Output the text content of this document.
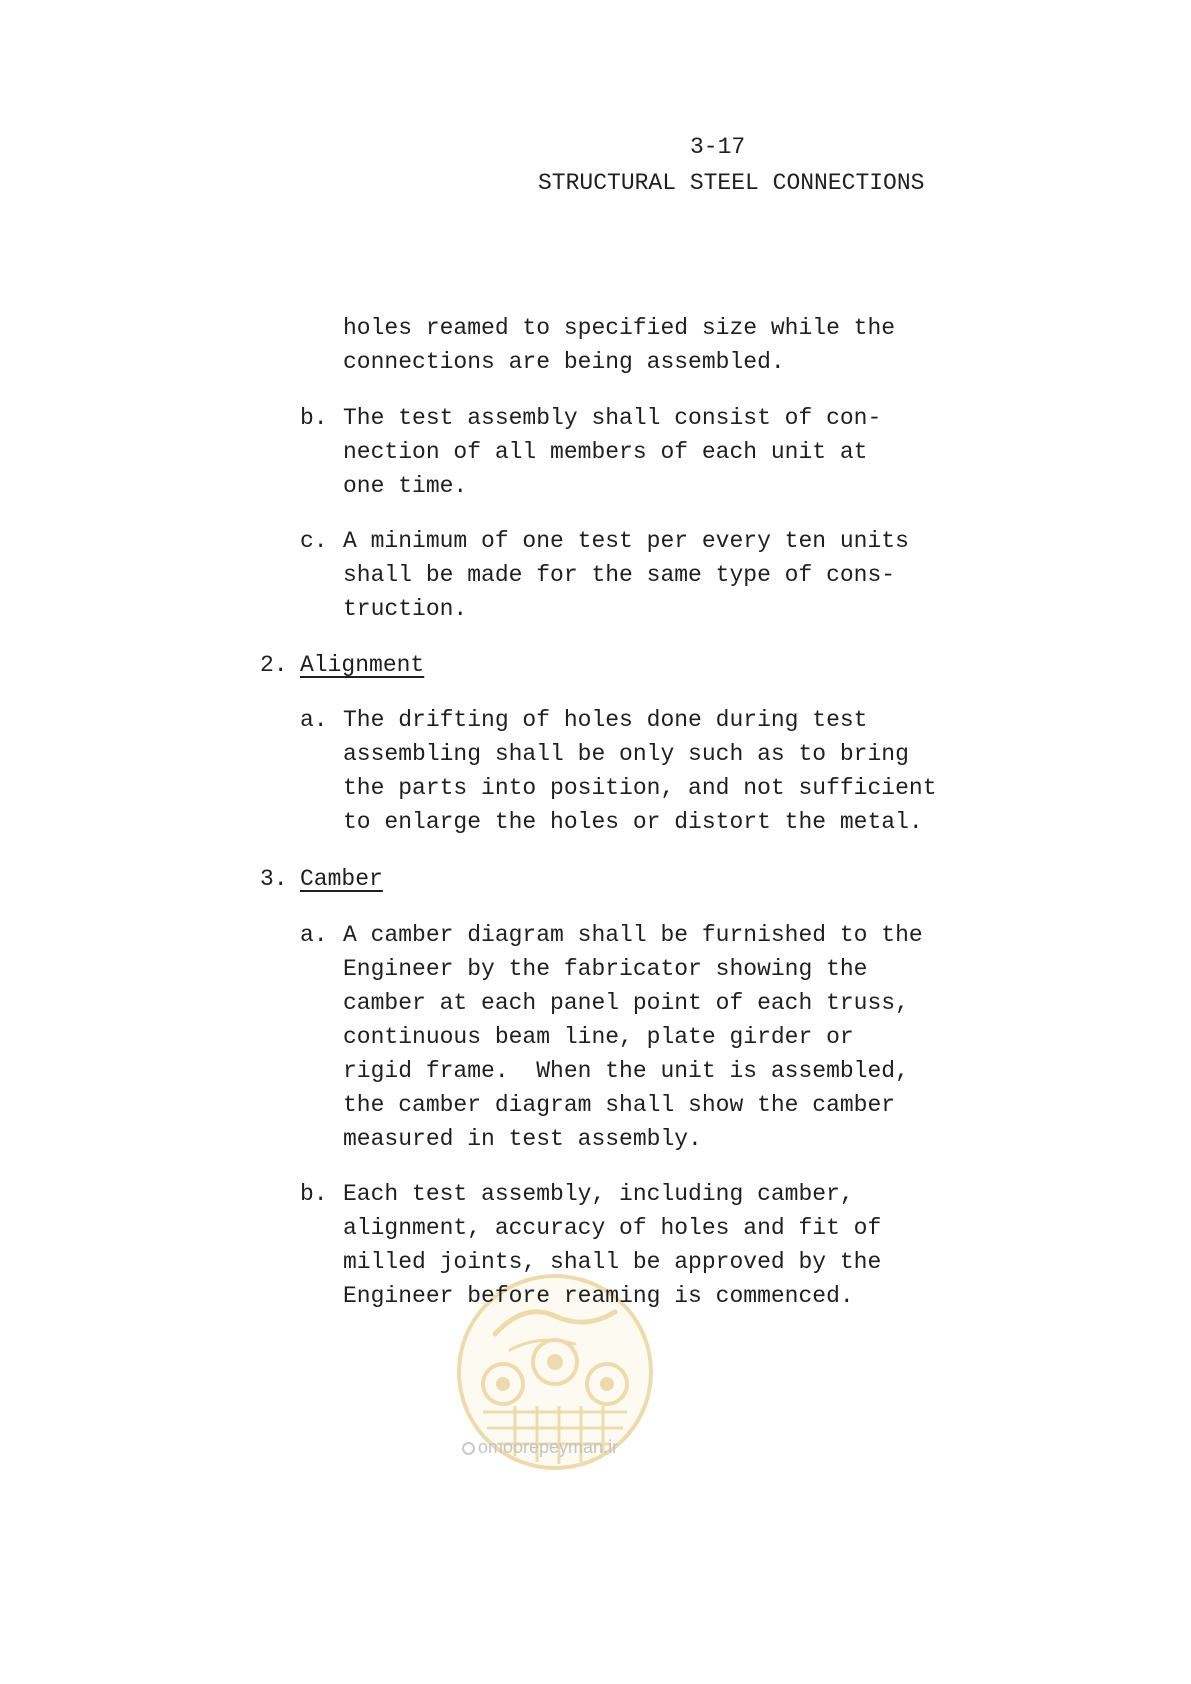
3-17
STRUCTURAL STEEL CONNECTIONS
holes reamed to specified size while the
connections are being assembled.
b. The test assembly shall consist of con-
nection of all members of each unit at
one time.
c. A minimum of one test per every ten units
shall be made for the same type of cons-
truction.
2. Alignment
a. The drifting of holes done during test
assembling shall be only such as to bring
the parts into position, and not sufficient
to enlarge the holes or distort the metal.
3. Camber
a. A camber diagram shall be furnished to the
Engineer by the fabricator showing the
camber at each panel point of each truss,
continuous beam line, plate girder or
rigid frame.  When the unit is assembled,
the camber diagram shall show the camber
measured in test assembly.
b. Each test assembly, including camber,
alignment, accuracy of holes and fit of
milled joints, shall be approved by the
Engineer before reaming is commenced.
omoorepeyman.ir
